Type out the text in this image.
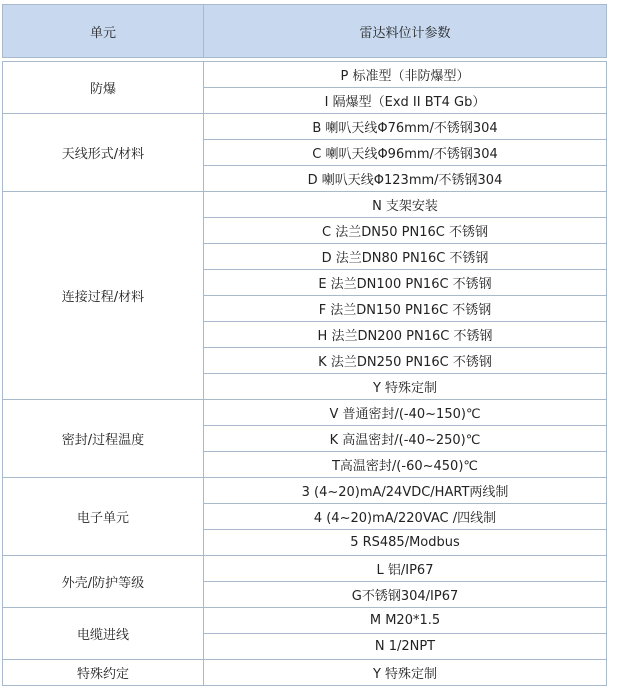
单元	雷达料位计参数

防爆	P 标准型（非防爆型）
	I 隔爆型（Exd II BT4 Gb）
天线形式/材料	B 喇叭天线Φ76mm/不锈钢304
	C 喇叭天线Φ96mm/不锈钢304
	D 喇叭天线Φ123mm/不锈钢304
连接过程/材料	N 支架安装
	C 法兰DN50 PN16C 不锈钢
	D 法兰DN80 PN16C 不锈钢
	E 法兰DN100 PN16C 不锈钢
	F 法兰DN150 PN16C 不锈钢
	H 法兰DN200 PN16C 不锈钢
	K 法兰DN250 PN16C 不锈钢
	Y 特殊定制
密封/过程温度	V 普通密封/(-40~150)℃
	K 高温密封/(-40~250)℃
	T高温密封/(-60~450)℃
电子单元	3 (4~20)mA/24VDC/HART两线制
	4 (4~20)mA/220VAC /四线制
	5 RS485/Modbus
外壳/防护等级	L 铝/IP67
	G不锈钢304/IP67
电缆进线	M M20*1.5
	N 1/2NPT
特殊约定	Y 特殊定制
